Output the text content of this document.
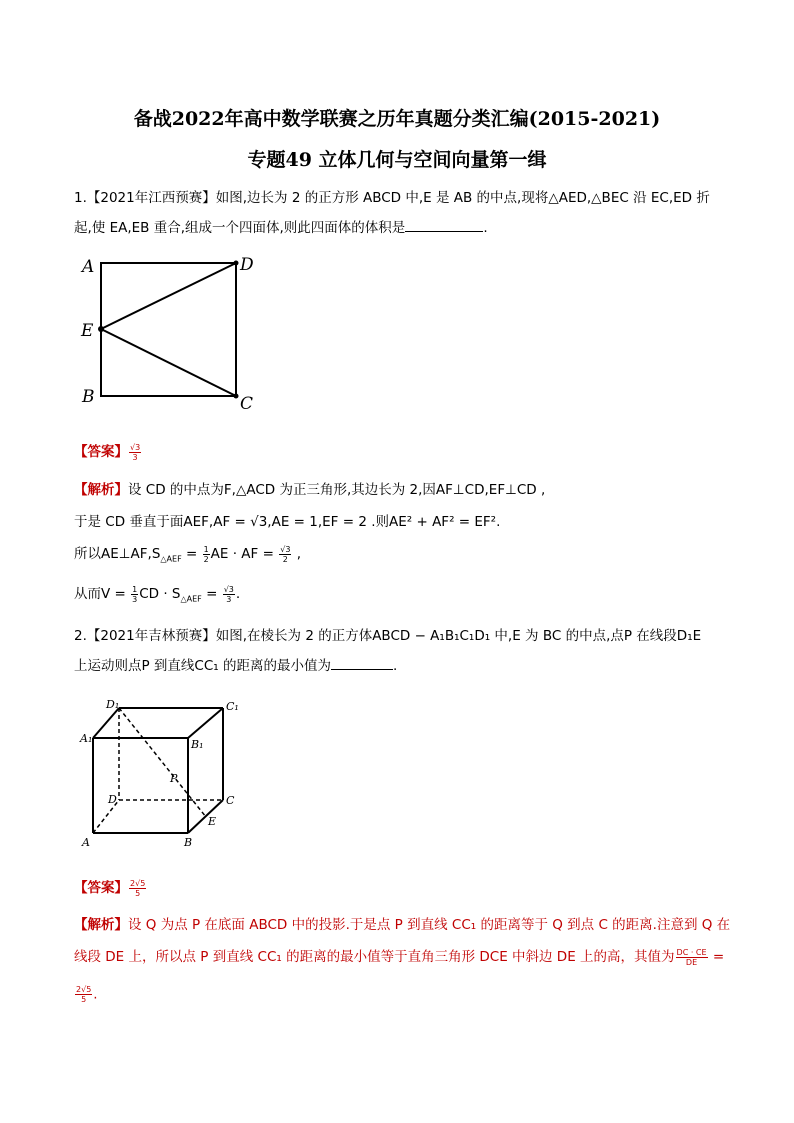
备战2022年高中数学联赛之历年真题分类汇编(2015-2021)
专题49 立体几何与空间向量第一缉
1.【2021年江西预赛】如图,边长为 2 的正方形 ABCD 中,E 是 AB 的中点,现将△AED,△BEC 沿 EC,ED 折
起,使 EA,EB 重合,组成一个四面体,则此四面体的体积是	.
A	D
E
B	C
【答案】 $\frac{√3}{3}$
【解析】设 CD 的中点为F,△ACD 为正三角形,其边长为 2,因AF⊥CD,EF⊥CD ,
于是 CD 垂直于面AEF,AF = √3,AE = 1,EF = 2 .则AE² + AF² = EF².
所以$AE\perp AF,S_{\triangle AEF} = \frac{1}{2}$ AE · AF = $\frac{√3}{2}$ ,
从而$V = \frac{1}{3}$ CD · $S_{\triangle AEF} = \frac{√3}{3}$ .
2.【2021年吉林预赛】如图,在棱长为 2 的正方体ABCD − A₁B₁C₁D₁ 中,E 为 BC 的中点,点P 在线段D₁E
上运动则点P 到直线CC₁ 的距离的最小值为	.
D₁	C₁
A₁	B₁
P
D	C
E
A	B
【答案】 $\frac{2√5}{5}$
【解析】设 Q 为点 P 在底面 ABCD 中的投影.于是点 P 到直线 CC₁ 的距离等于 Q 到点 C 的距离.注意到 Q 在
线段 DE 上，所以点 P 到直线 CC₁ 的距离的最小值等于直角三角形 DCE 中斜边 DE 上的高，其值为 $\frac{DC \cdot CE}{DE}$ =
$\frac{2√5}{5}$ .
